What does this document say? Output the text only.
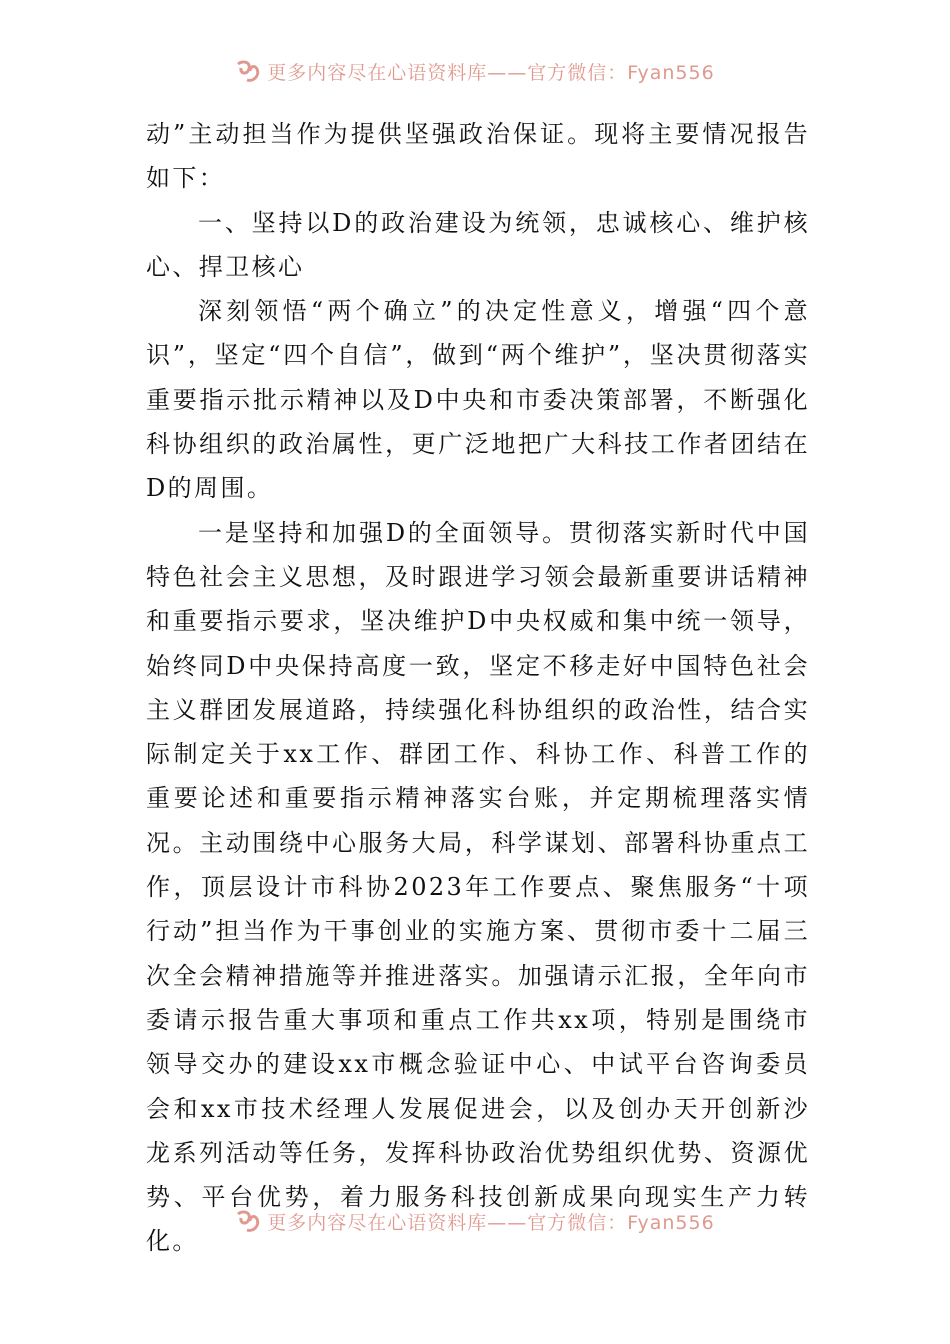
更多内容尽在心语资料库——官方微信：Fyan556

动”主动担当作为提供坚强政治保证。现将主要情况报告如下：

一、坚持以D的政治建设为统领，忠诚核心、维护核心、捍卫核心

深刻领悟“两个确立”的决定性意义，增强“四个意识”，坚定“四个自信”，做到“两个维护”，坚决贯彻落实重要指示批示精神以及D中央和市委决策部署，不断强化科协组织的政治属性，更广泛地把广大科技工作者团结在D的周围。

一是坚持和加强D的全面领导。贯彻落实新时代中国特色社会主义思想，及时跟进学习领会最新重要讲话精神和重要指示要求，坚决维护D中央权威和集中统一领导，始终同D中央保持高度一致，坚定不移走好中国特色社会主义群团发展道路，持续强化科协组织的政治性，结合实际制定关于xx工作、群团工作、科协工作、科普工作的重要论述和重要指示精神落实台账，并定期梳理落实情况。主动围绕中心服务大局，科学谋划、部署科协重点工作，顶层设计市科协2023年工作要点、聚焦服务“十项行动”担当作为干事创业的实施方案、贯彻市委十二届三次全会精神措施等并推进落实。加强请示汇报，全年向市委请示报告重大事项和重点工作共xx项，特别是围绕市领导交办的建设xx市概念验证中心、中试平台咨询委员会和xx市技术经理人发展促进会，以及创办天开创新沙龙系列活动等任务，发挥科协政治优势组织优势、资源优势、平台优势，着力服务科技创新成果向现实生产力转化。

更多内容尽在心语资料库——官方微信：Fyan556
